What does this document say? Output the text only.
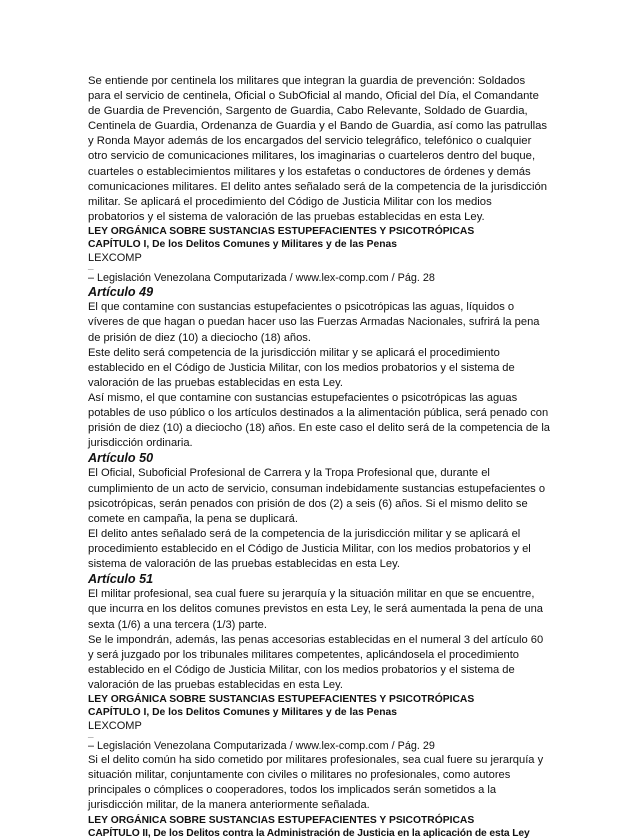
Se entiende por centinela los militares que integran la guardia de prevención: Soldados para el servicio de centinela, Oficial o SubOficial al mando, Oficial del Día, el Comandante de Guardia de Prevención, Sargento de Guardia, Cabo Relevante, Soldado de Guardia, Centinela de Guardia, Ordenanza de Guardia y el Bando de Guardia, así como las patrullas y Ronda Mayor además de los encargados del servicio telegráfico, telefónico o cualquier otro servicio de comunicaciones militares, los imaginarias o cuarteleros dentro del buque, cuarteles o establecimientos militares y los estafetas o conductores de órdenes y demás comunicaciones militares. El delito antes señalado será de la competencia de la jurisdicción militar. Se aplicará el procedimiento del Código de Justicia Militar con los medios probatorios y el sistema de valoración de las pruebas establecidas en esta Ley.

LEY ORGÁNICA SOBRE SUSTANCIAS ESTUPEFACIENTES Y PSICOTRÓPICAS

CAPÍTULO I, De los Delitos Comunes y Militares y de las Penas

LEXCOMP

__

– Legislación Venezolana Computarizada / www.lex-comp.com / Pág. 28

Artículo 49

El que contamine con sustancias estupefacientes o psicotrópicas las aguas, líquidos o víveres de que hagan o puedan hacer uso las Fuerzas Armadas Nacionales, sufrirá la pena de prisión de diez (10) a dieciocho (18) años.

Este delito será competencia de la jurisdicción militar y se aplicará el procedimiento establecido en el Código de Justicia Militar, con los medios probatorios y el sistema de valoración de las pruebas establecidas en esta Ley.

Así mismo, el que contamine con sustancias estupefacientes o psicotrópicas las aguas potables de uso público o los artículos destinados a la alimentación pública, será penado con prisión de diez (10) a dieciocho (18) años. En este caso el delito será de la competencia de la jurisdicción ordinaria.

Artículo 50

El Oficial, Suboficial Profesional de Carrera y la Tropa Profesional que, durante el cumplimiento de un acto de servicio, consuman indebidamente sustancias estupefacientes o psicotrópicas, serán penados con prisión de dos (2) a seis (6) años. Si el mismo delito se comete en campaña, la pena se duplicará.

El delito antes señalado será de la competencia de la jurisdicción militar y se aplicará el procedimiento establecido en el Código de Justicia Militar, con los medios probatorios y el sistema de valoración de las pruebas establecidas en esta Ley.

Artículo 51

El militar profesional, sea cual fuere su jerarquía y la situación militar en que se encuentre, que incurra en los delitos comunes previstos en esta Ley, le será aumentada la pena de una sexta (1/6) a una tercera (1/3) parte.

Se le impondrán, además, las penas accesorias establecidas en el numeral 3 del artículo 60 y será juzgado por los tribunales militares competentes, aplicándosela el procedimiento establecido en el Código de Justicia Militar, con los medios probatorios y el sistema de valoración de las pruebas establecidas en esta Ley.

LEY ORGÁNICA SOBRE SUSTANCIAS ESTUPEFACIENTES Y PSICOTRÓPICAS

CAPÍTULO I, De los Delitos Comunes y Militares y de las Penas

LEXCOMP

__

– Legislación Venezolana Computarizada / www.lex-comp.com / Pág. 29

Si el delito común ha sido cometido por militares profesionales, sea cual fuere su jerarquía y situación militar, conjuntamente con civiles o militares no profesionales, como autores principales o cómplices o cooperadores, todos los implicados serán sometidos a la jurisdicción militar, de la manera anteriormente señalada.

LEY ORGÁNICA SOBRE SUSTANCIAS ESTUPEFACIENTES Y PSICOTRÓPICAS

CAPÍTULO II, De los Delitos contra la Administración de Justicia en la aplicación de esta Ley
